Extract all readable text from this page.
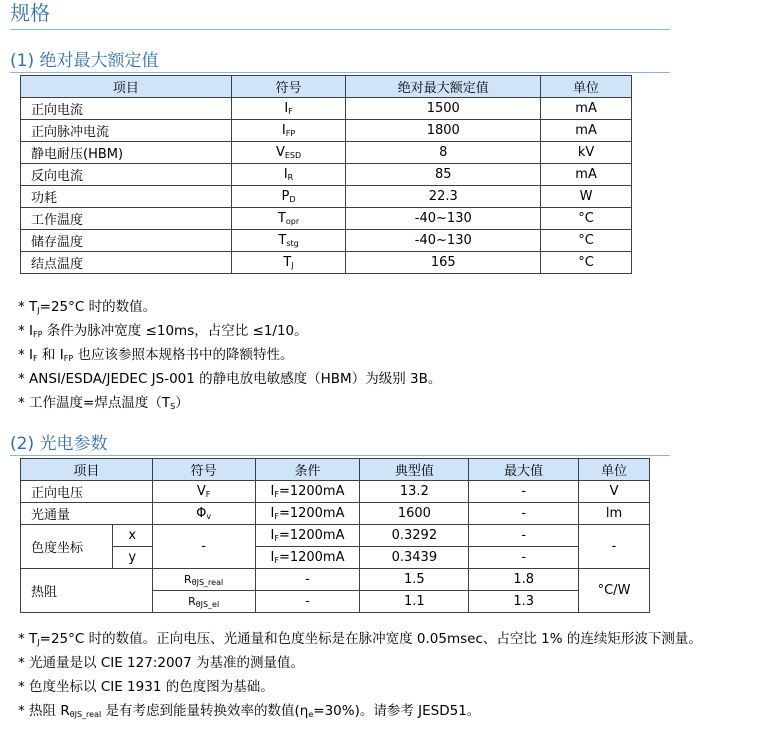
规格
(1) 绝对最大额定值
项目	符号	绝对最大额定值	单位
正向电流	$I_F$	1500	mA
正向脉冲电流	$I_{FP}$	1800	mA
静电耐压(HBM)	$V_{ESD}$	8	kV
反向电流	$I_R$	85	mA
功耗	$P_D$	22.3	W
工作温度	$T_{opr}$	-40~130	°C
储存温度	$T_{stg}$	-40~130	°C
结点温度	$T_J$	165	°C
* $T_J=25^\circ C$ 时的数值。
* $I_{FP}$ 条件为脉冲宽度 ≤10ms，占空比 ≤1/10。
* $I_F$ 和 $I_{FP}$ 也应该参照本规格书中的降额特性。
* ANSI/ESDA/JEDEC JS-001 的静电放电敏感度（HBM）为级别 3B。
* 工作温度=焊点温度$(T_S)$
(2) 光电参数
项目		符号	条件	典型值	最大值	单位
正向电压		$V_F$	$I_F=1200mA$	13.2	-	V
光通量		$\Phi_v$	$I_F=1200mA$	1600	-	lm
色度坐标	x	-	$I_F=1200mA$	0.3292	-	-
	y		$I_F=1200mA$	0.3439	-	
热阻		$R_{\theta JS\_real}$	-	1.5	1.8	°C/W
		$R_{\theta JS\_el}$	-	1.1	1.3	
* $T_J=25^\circ C$ 时的数值。正向电压、光通量和色度坐标是在脉冲宽度 0.05msec、占空比 1% 的连续矩形波下测量。
* 光通量是以 CIE 127:2007 为基准的测量值。
* 色度坐标以 CIE 1931 的色度图为基础。
* 热阻 $R_{\theta JS\_real}$ 是有考虑到能量转换效率的数值$(\eta_e=30\%)$。请参考 JESD51。
